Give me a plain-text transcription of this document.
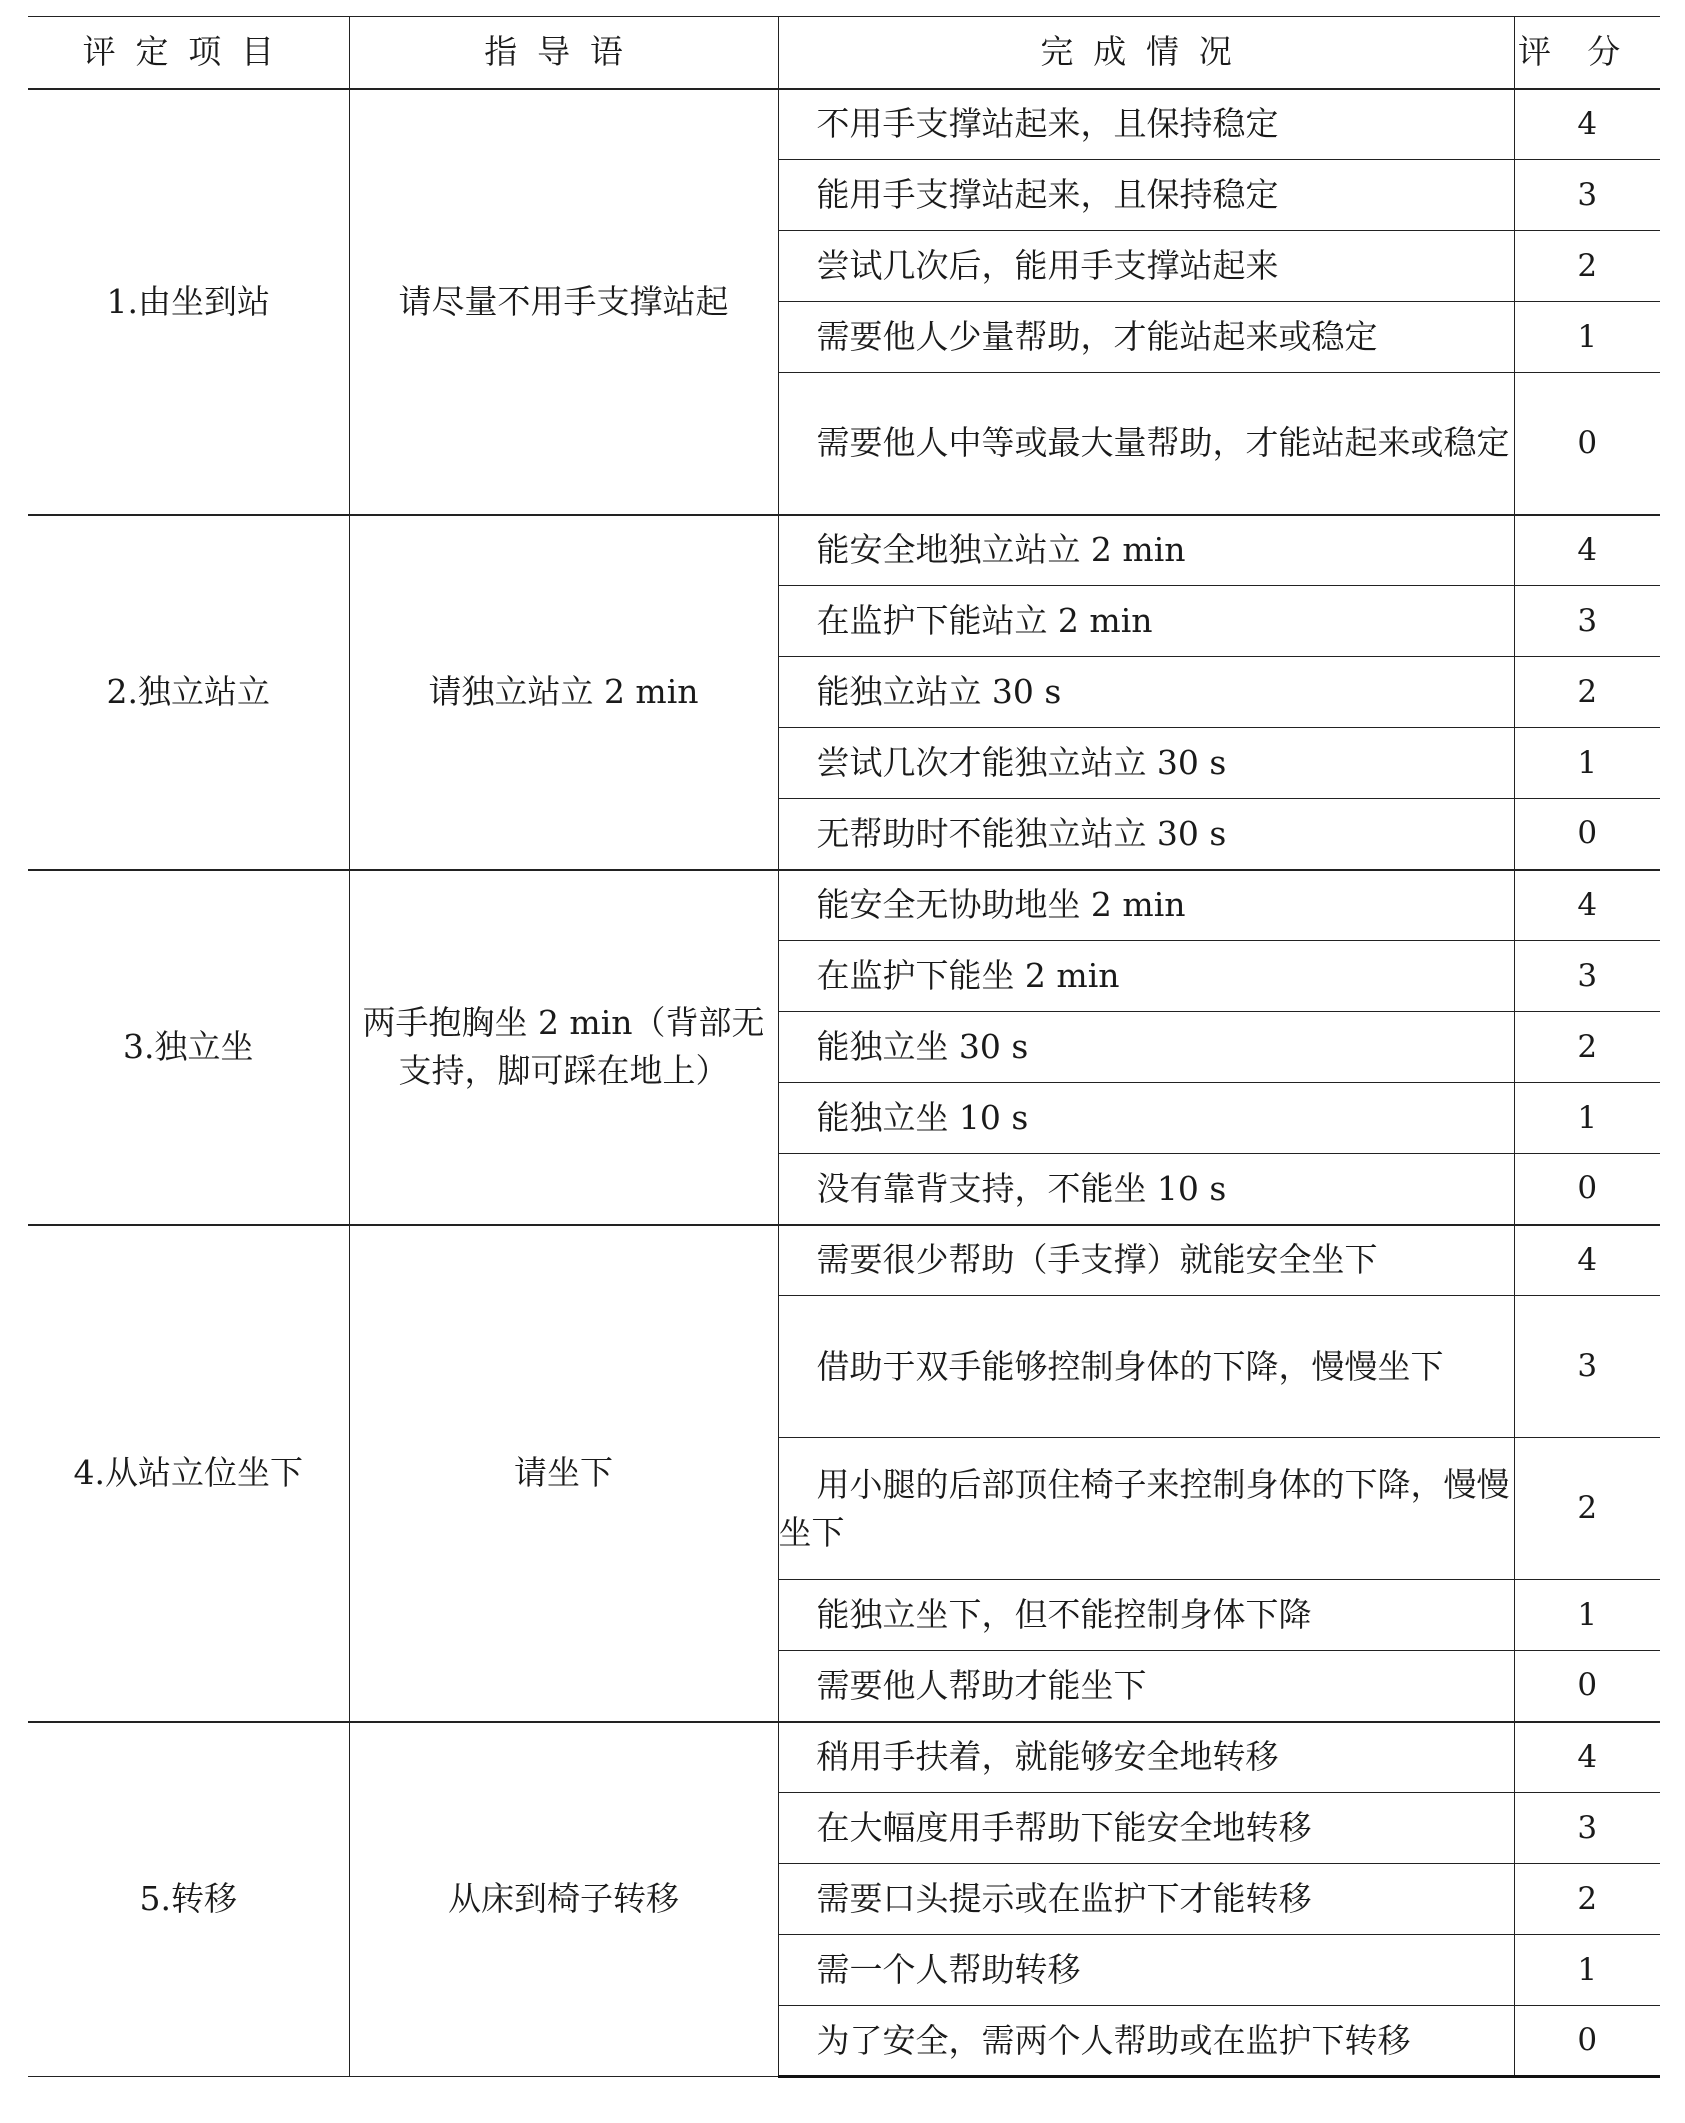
评定项目	指导语	完成情况	评分
1.由坐到站	请尽量不用手支撑站起	不用手支撑站起来，且保持稳定	4
		能用手支撑站起来，且保持稳定	3
		尝试几次后，能用手支撑站起来	2
		需要他人少量帮助，才能站起来或稳定	1
		需要他人中等或最大量帮助，才能站起来或稳定	0
2.独立站立	请独立站立 2 min	能安全地独立站立 2 min	4
		在监护下能站立 2 min	3
		能独立站立 30 s	2
		尝试几次才能独立站立 30 s	1
		无帮助时不能独立站立 30 s	0
3.独立坐	两手抱胸坐 2 min（背部无支持，脚可踩在地上）	能安全无协助地坐 2 min	4
		在监护下能坐 2 min	3
		能独立坐 30 s	2
		能独立坐 10 s	1
		没有靠背支持，不能坐 10 s	0
4.从站立位坐下	请坐下	需要很少帮助（手支撑）就能安全坐下	4
		借助于双手能够控制身体的下降，慢慢坐下	3
		用小腿的后部顶住椅子来控制身体的下降，慢慢坐下	2
		能独立坐下，但不能控制身体下降	1
		需要他人帮助才能坐下	0
5.转移	从床到椅子转移	稍用手扶着，就能够安全地转移	4
		在大幅度用手帮助下能安全地转移	3
		需要口头提示或在监护下才能转移	2
		需一个人帮助转移	1
		为了安全，需两个人帮助或在监护下转移	0
